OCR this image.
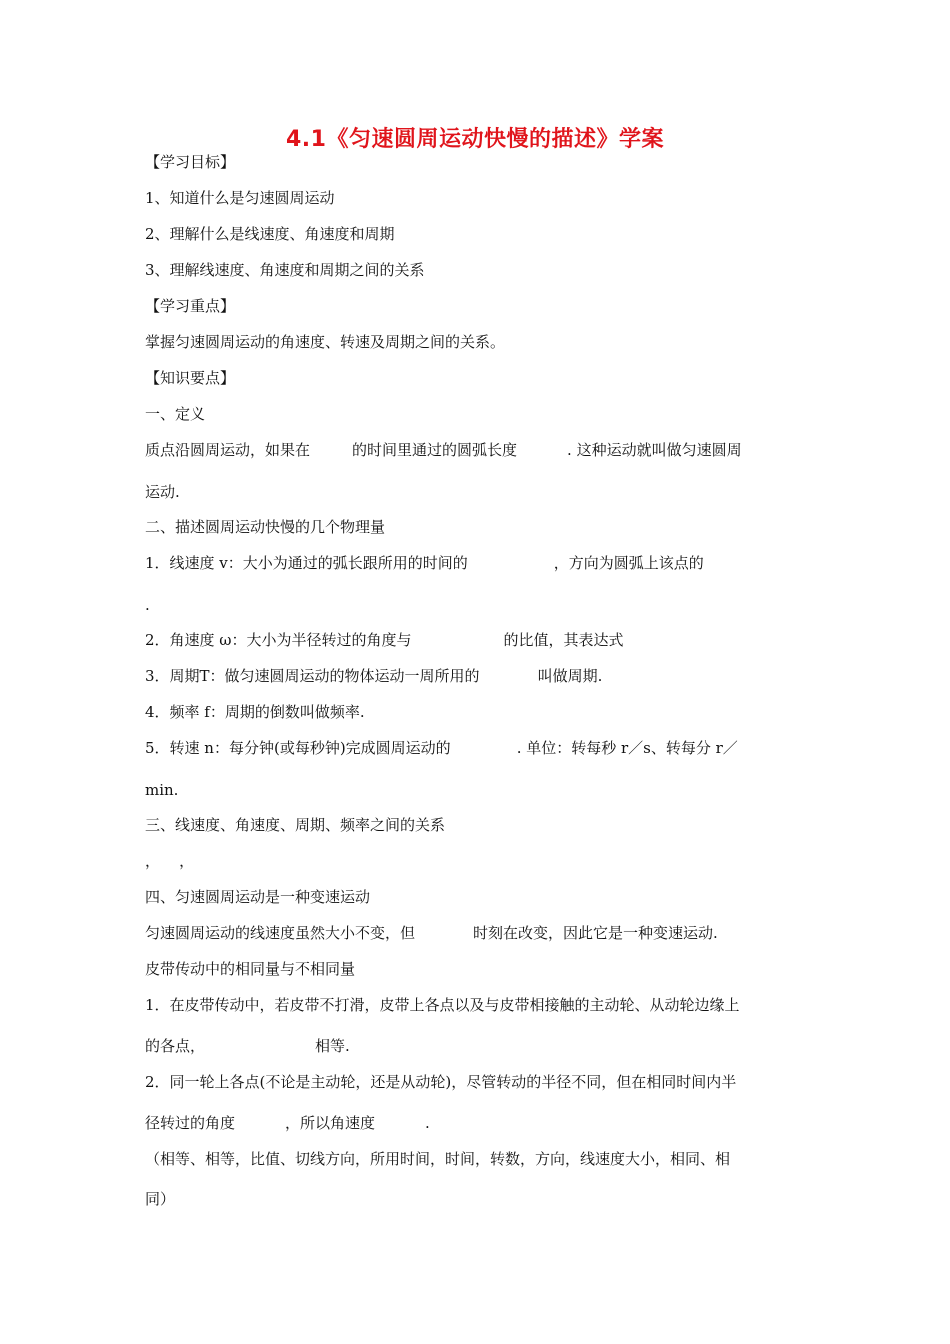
4.1《匀速圆周运动快慢的描述》学案
【学习目标】
1、知道什么是匀速圆周运动
2、理解什么是线速度、角速度和周期
3、理解线速度、角速度和周期之间的关系
【学习重点】
掌握匀速圆周运动的角速度、转速及周期之间的关系。
【知识要点】
一、定义
质点沿圆周运动，如果在	的时间里通过的圆弧长度	. 这种运动就叫做匀速圆周
运动.
二、描述圆周运动快慢的几个物理量
1．线速度 v：大小为通过的弧长跟所用的时间的	，方向为圆弧上该点的
.
2．角速度 ω：大小为半径转过的角度与	的比值，其表达式
3．周期T：做匀速圆周运动的物体运动一周所用的	叫做周期.
4．频率 f：周期的倒数叫做频率.
5．转速 n：每分钟(或每秒钟)完成圆周运动的	. 单位：转每秒 r／s、转每分 r／
min.
三、线速度、角速度、周期、频率之间的关系
，    ，
四、匀速圆周运动是一种变速运动
匀速圆周运动的线速度虽然大小不变，但	时刻在改变，因此它是一种变速运动.
皮带传动中的相同量与不相同量
1．在皮带传动中，若皮带不打滑，皮带上各点以及与皮带相接触的主动轮、从动轮边缘上
的各点，	相等.
2．同一轮上各点(不论是主动轮，还是从动轮)，尽管转动的半径不同，但在相同时间内半
径转过的角度	，所以角速度	.
（相等、相等，比值、切线方向，所用时间，时间，转数，方向，线速度大小，相同、相
同）
